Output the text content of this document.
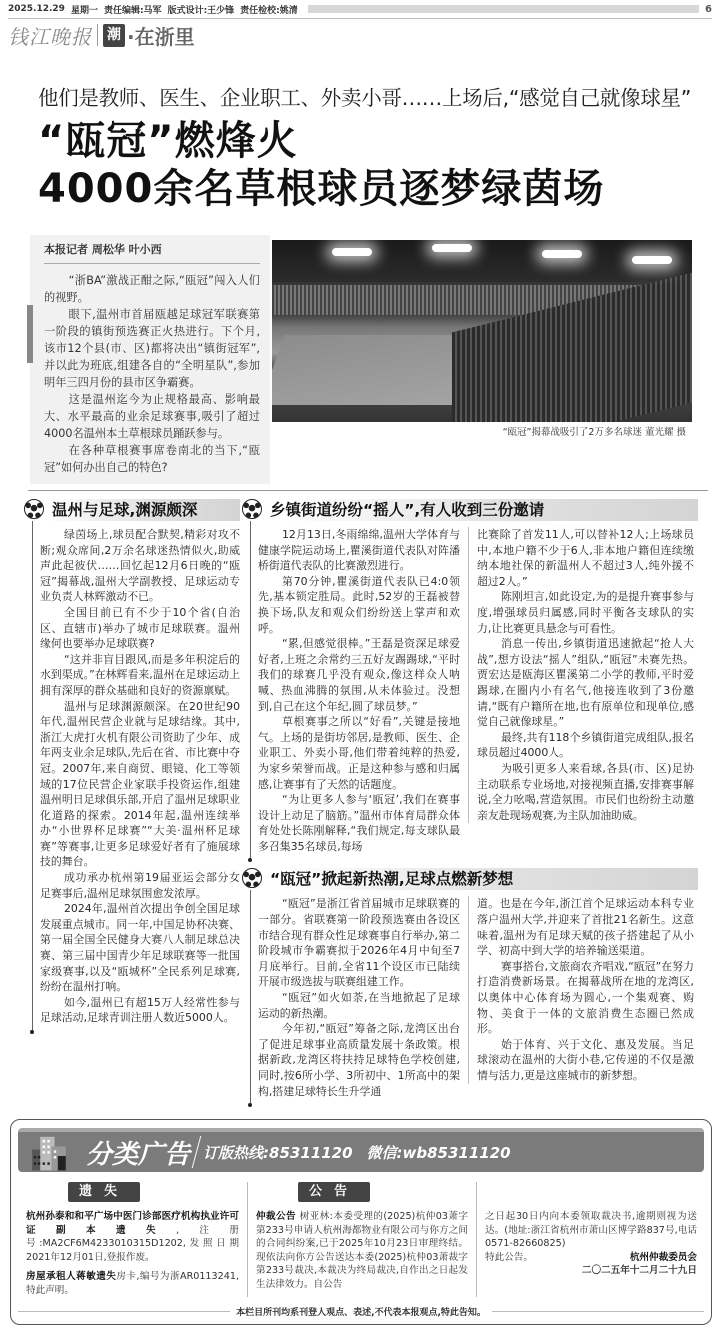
2025.12.29 星期一 责任编辑:马军 版式设计:王少锋 责任检校:姚清	6
钱江晚报 潮 ·在浙里
他们是教师、医生、企业职工、外卖小哥……上场后,“感觉自己就像球星”
“瓯冠”燃烽火
4000余名草根球员逐梦绿茵场
本报记者 周松华 叶小西

“浙BA”激战正酣之际,“瓯冠”闯入人们的视野。

眼下,温州市首届瓯越足球冠军联赛第一阶段的镇街预选赛正火热进行。下个月,该市12个县(市、区)都将决出“镇街冠军”,并以此为班底,组建各自的“全明星队”,参加明年三四月份的县市区争霸赛。

这是温州迄今为止规格最高、影响最大、水平最高的业余足球赛事,吸引了超过4000名温州本土草根球员踊跃参与。

在各种草根赛事席卷南北的当下,“瓯冠”如何办出自己的特色?

“瓯冠”揭幕战吸引了2万多名球迷 董光耀 摄
温州与足球,渊源颇深

绿茵场上,球员配合默契,精彩对攻不断;观众席间,2万余名球迷热情似火,助威声此起彼伏……回忆起12月6日晚的“瓯冠”揭幕战,温州大学副教授、足球运动专业负责人林辉激动不已。

全国目前已有不少于10个省(自治区、直辖市)举办了城市足球联赛。温州缘何也要举办足球联赛?

“这并非盲目跟风,而是多年积淀后的水到渠成。”在林辉看来,温州在足球运动上拥有深厚的群众基础和良好的资源禀赋。

温州与足球渊源颇深。在20世纪90年代,温州民营企业就与足球结缘。其中,浙江大虎打火机有限公司资助了少年、成年两支业余足球队,先后在省、市比赛中夺冠。2007年,来自商贸、眼镜、化工等领域的17位民营企业家联手投资运作,组建温州明日足球俱乐部,开启了温州足球职业化道路的探索。2014年起,温州连续举办“小世界杯足球赛”“大美·温州杯足球赛”等赛事,让更多足球爱好者有了施展球技的舞台。

成功承办杭州第19届亚运会部分女足赛事后,温州足球氛围愈发浓厚。

2024年,温州首次提出争创全国足球发展重点城市。同一年,中国足协杯决赛、第一届全国全民健身大赛八人制足球总决赛、第三届中国青少年足球联赛等一批国家级赛事,以及“瓯城杯”全民系列足球赛,纷纷在温州打响。

如今,温州已有超15万人经常性参与足球活动,足球青训注册人数近5000人。

乡镇街道纷纷“摇人”,有人收到三份邀请

12月13日,冬雨绵绵,温州大学体育与健康学院运动场上,瞿溪街道代表队对阵潘桥街道代表队的比赛激烈进行。

第70分钟,瞿溪街道代表队已4:0领先,基本锁定胜局。此时,52岁的王磊被替换下场,队友和观众们纷纷送上掌声和欢呼。

“累,但感觉很棒。”王磊是资深足球爱好者,上班之余常约三五好友踢踢球,“平时我们的球赛几乎没有观众,像这样众人呐喊、热血沸腾的氛围,从未体验过。没想到,自己在这个年纪,圆了球员梦。”

草根赛事之所以“好看”,关键是接地气。上场的是街坊邻居,是教师、医生、企业职工、外卖小哥,他们带着纯粹的热爱,为家乡荣誉而战。正是这种参与感和归属感,让赛事有了天然的话题度。

“为让更多人参与‘瓯冠’,我们在赛事设计上动足了脑筋。”温州市体育局群众体育处处长陈刚解释,“我们规定,每支球队最多召集35名球员,每场

比赛除了首发11人,可以替补12人;上场球员中,本地户籍不少于6人,非本地户籍但连续缴纳本地社保的新温州人不超过3人,纯外援不超过2人。”

陈刚坦言,如此设定,为的是提升赛事参与度,增强球员归属感,同时平衡各支球队的实力,让比赛更具悬念与可看性。

消息一传出,乡镇街道迅速掀起“抢人大战”,想方设法“摇人”组队,“瓯冠”未赛先热。贾宏达是瓯海区瞿溪第二小学的教师,平时爱踢球,在圈内小有名气,他接连收到了3份邀请,“既有户籍所在地,也有原单位和现单位,感觉自己就像球星。”

最终,共有118个乡镇街道完成组队,报名球员超过4000人。

为吸引更多人来看球,各县(市、区)足协主动联系专业场地,对接视频直播,安排赛事解说,全力吆喝,营造氛围。市民们也纷纷主动邀亲友赴现场观赛,为主队加油助威。

“瓯冠”掀起新热潮,足球点燃新梦想

“瓯冠”是浙江省首届城市足球联赛的一部分。省联赛第一阶段预选赛由各设区市结合现有群众性足球赛事自行举办,第二阶段城市争霸赛拟于2026年4月中旬至7月底举行。目前,全省11个设区市已陆续开展市级选拔与联赛组建工作。

“瓯冠”如火如荼,在当地掀起了足球运动的新热潮。

今年初,“瓯冠”筹备之际,龙湾区出台了促进足球事业高质量发展十条政策。根据新政,龙湾区将扶持足球特色学校创建,同时,按6所小学、3所初中、1所高中的架构,搭建足球特长生升学通

道。也是在今年,浙江首个足球运动本科专业落户温州大学,并迎来了首批21名新生。这意味着,温州为有足球天赋的孩子搭建起了从小学、初高中到大学的培养输送渠道。

赛事搭台,文旅商农齐唱戏,“瓯冠”在努力打造消费新场景。在揭幕战所在地的龙湾区,以奥体中心体育场为圆心,一个集观赛、购物、美食于一体的文旅消费生态圈已然成形。

始于体育、兴于文化、惠及发展。当足球滚动在温州的大街小巷,它传递的不仅是激情与活力,更是这座城市的新梦想。

分类广告 订版热线:85311120 微信:wb85311120
遗失

杭州孙泰和和平广场中医门诊部医疗机构执业许可证副本遗失,注册号:MA2CF6M4233010315D1202,发照日期2021年12月01日,登报作废。

房屋承租人蒋敏遗失房卡,编号为浙AR0113241,特此声明。

公告

仲裁公告 树亚林:本委受理的(2025)杭仲03萧字第233号申请人杭州海都物业有限公司与你方之间的合同纠纷案,已于2025年10月23日审理终结。现依法向你方公告送达本委(2025)杭仲03萧裁字第233号裁决,本裁决为终局裁决,自作出之日起发生法律效力。自公告

之日起30日内向本委领取裁决书,逾期则视为送达。(地址:浙江省杭州市萧山区博学路837号,电话0571-82660825)

特此公告。	杭州仲裁委员会

二〇二五年十二月二十九日

本栏目所刊均系刊登人观点、表述,不代表本报观点,特此告知。
